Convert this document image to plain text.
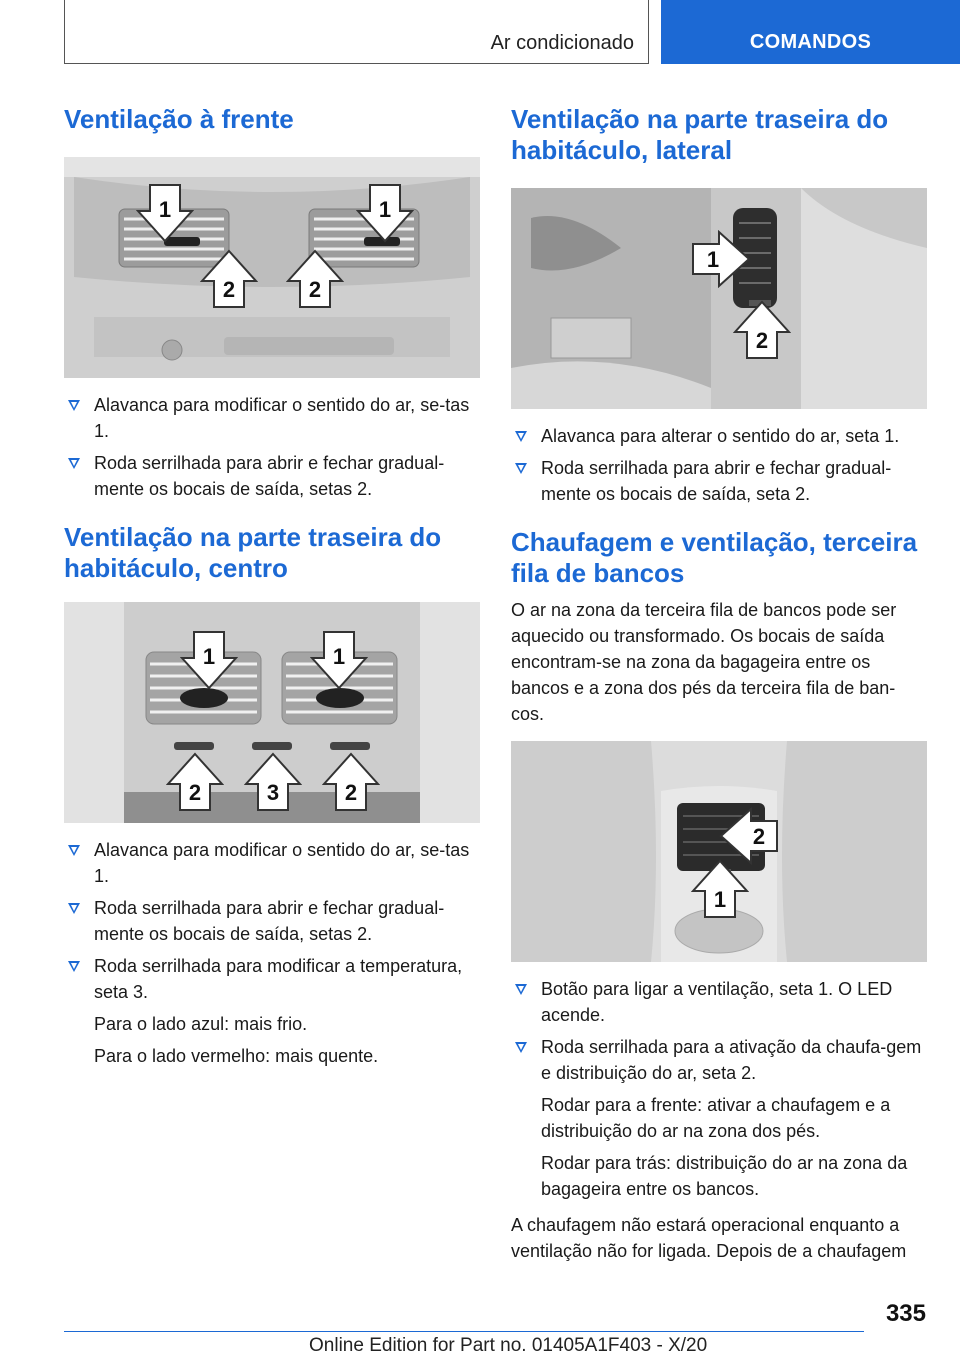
Ar condicionado	COMANDOS
Ventilação à frente
1	1
2	2
Alavanca para modificar o sentido do ar, se-tas 1.
Roda serrilhada para abrir e fechar gradual-mente os bocais de saída, setas 2.
Ventilação na parte traseira do habitáculo, centro
1	1
2	3	2
Alavanca para modificar o sentido do ar, se-tas 1.
Roda serrilhada para abrir e fechar gradual-mente os bocais de saída, setas 2.
Roda serrilhada para modificar a temperatura, seta 3.

Para o lado azul: mais frio.

Para o lado vermelho: mais quente.

Ventilação na parte traseira do habitáculo, lateral
1
2
Alavanca para alterar o sentido do ar, seta 1.
Roda serrilhada para abrir e fechar gradual-mente os bocais de saída, seta 2.
Chaufagem e ventilação, terceira fila de bancos

O ar na zona da terceira fila de bancos pode ser aquecido ou transformado. Os bocais de saída encontram-se na zona da bagageira entre os bancos e a zona dos pés da terceira fila de ban-cos.

2
1
Botão para ligar a ventilação, seta 1. O LED acende.
Roda serrilhada para a ativação da chaufa-gem e distribuição do ar, seta 2.

Rodar para a frente: ativar a chaufagem e a distribuição do ar na zona dos pés.

Rodar para trás: distribuição do ar na zona da bagageira entre os bancos.

A chaufagem não estará operacional enquanto a ventilação não for ligada. Depois de a chaufagem

335
Online Edition for Part no. 01405A1F403 - X/20
